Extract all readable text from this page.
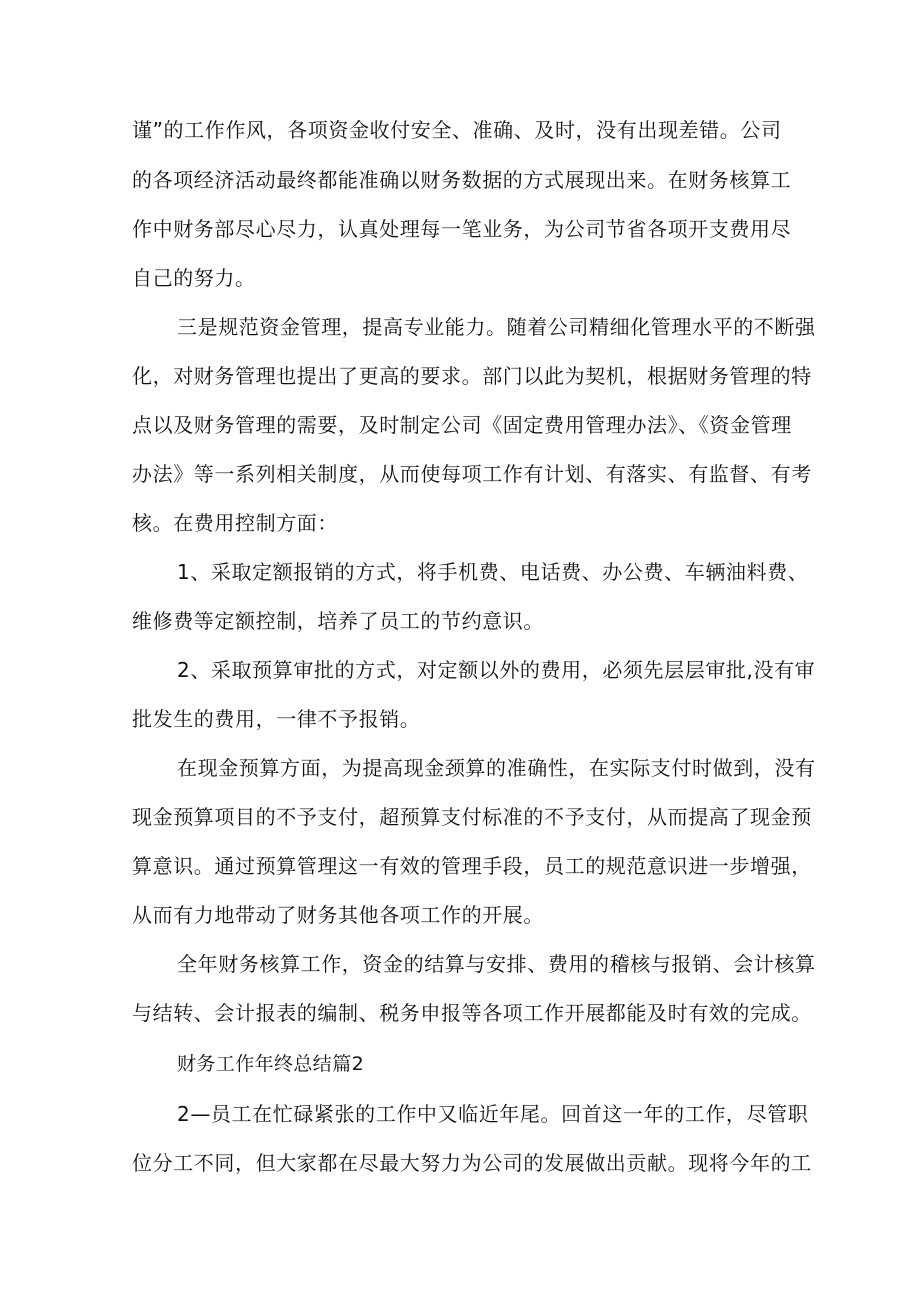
谨”的工作作风，各项资金收付安全、准确、及时，没有出现差错。公司
的各项经济活动最终都能准确以财务数据的方式展现出来。在财务核算工
作中财务部尽心尽力，认真处理每一笔业务，为公司节省各项开支费用尽
自己的努力。
三是规范资金管理，提高专业能力。随着公司精细化管理水平的不断强
化，对财务管理也提出了更高的要求。部门以此为契机，根据财务管理的特
点以及财务管理的需要，及时制定公司《固定费用管理办法》、《资金管理
办法》等一系列相关制度，从而使每项工作有计划、有落实、有监督、有考
核。在费用控制方面：
1、采取定额报销的方式，将手机费、电话费、办公费、车辆油料费、
维修费等定额控制，培养了员工的节约意识。
2、采取预算审批的方式，对定额以外的费用，必须先层层审批,没有审
批发生的费用，一律不予报销。
在现金预算方面，为提高现金颈算的准确性，在实际支付时做到，没有
现金预算项目的不予支付，超预算支付标准的不予支付，从而提高了现金预
算意识。通过预算管理这一有效的管理手段，员工的规范意识进一步增强，
从而有力地带动了财务其他各项工作的开展。
全年财务核算工作，资金的结算与安排、费用的稽核与报销、会计核算
与结转、会计报表的编制、税务申报等各项工作开展都能及时有效的完成。
财务工作年终总结篇2
2—员工在忙碌紧张的工作中又临近年尾。回首这一年的工作，尽管职
位分工不同，但大家都在尽最大努力为公司的发展做出贡献。现将今年的工
